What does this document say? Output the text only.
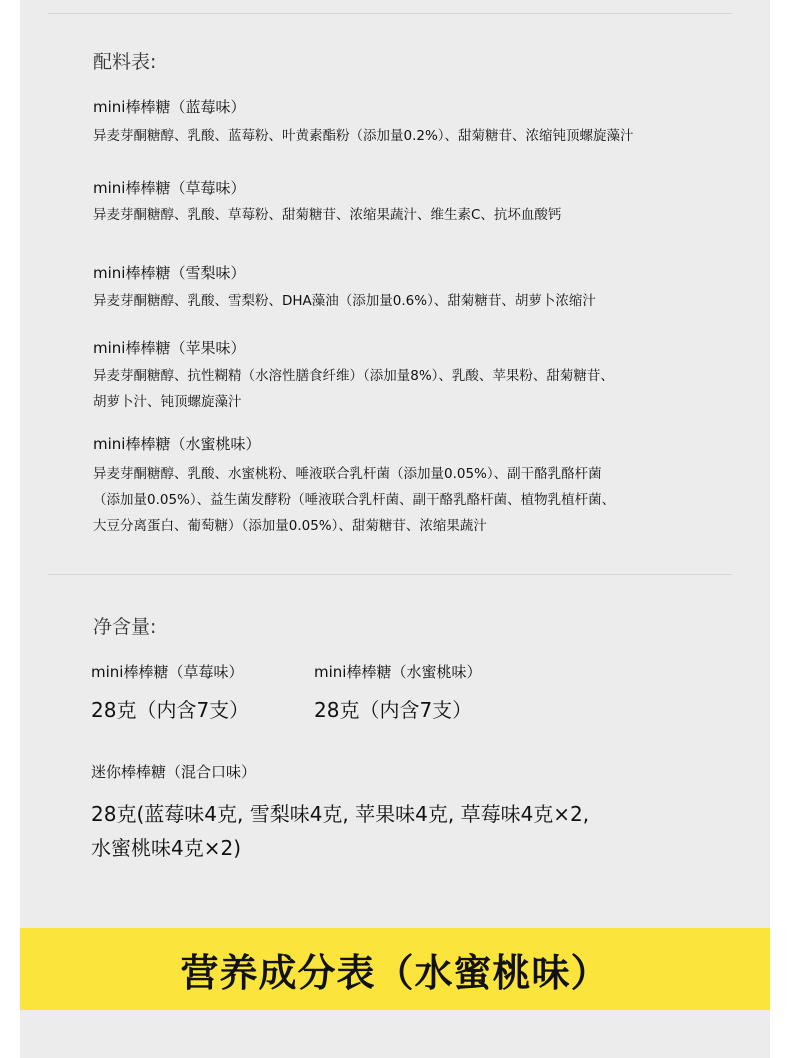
配料表:
mini棒棒糖（蓝莓味）
异麦芽酮糖醇、乳酸、蓝莓粉、叶黄素酯粉（添加量0.2%）、甜菊糖苷、浓缩钝顶螺旋藻汁
mini棒棒糖（草莓味）
异麦芽酮糖醇、乳酸、草莓粉、甜菊糖苷、浓缩果蔬汁、维生素C、抗坏血酸钙
mini棒棒糖（雪梨味）
异麦芽酮糖醇、乳酸、雪梨粉、DHA藻油（添加量0.6%）、甜菊糖苷、胡萝卜浓缩汁
mini棒棒糖（苹果味）
异麦芽酮糖醇、抗性糊精（水溶性膳食纤维）（添加量8%）、乳酸、苹果粉、甜菊糖苷、
胡萝卜汁、钝顶螺旋藻汁
mini棒棒糖（水蜜桃味）
异麦芽酮糖醇、乳酸、水蜜桃粉、唾液联合乳杆菌（添加量0.05%）、副干酪乳酪杆菌
（添加量0.05%）、益生菌发酵粉（唾液联合乳杆菌、副干酪乳酪杆菌、植物乳植杆菌、
大豆分离蛋白、葡萄糖）（添加量0.05%）、甜菊糖苷、浓缩果蔬汁
净含量:
mini棒棒糖（草莓味）
28克（内含7支）
mini棒棒糖（水蜜桃味）
28克（内含7支）
迷你棒棒糖（混合口味）
28克(蓝莓味4克, 雪梨味4克, 苹果味4克, 草莓味4克×2,
水蜜桃味4克×2)
营养成分表（水蜜桃味）
